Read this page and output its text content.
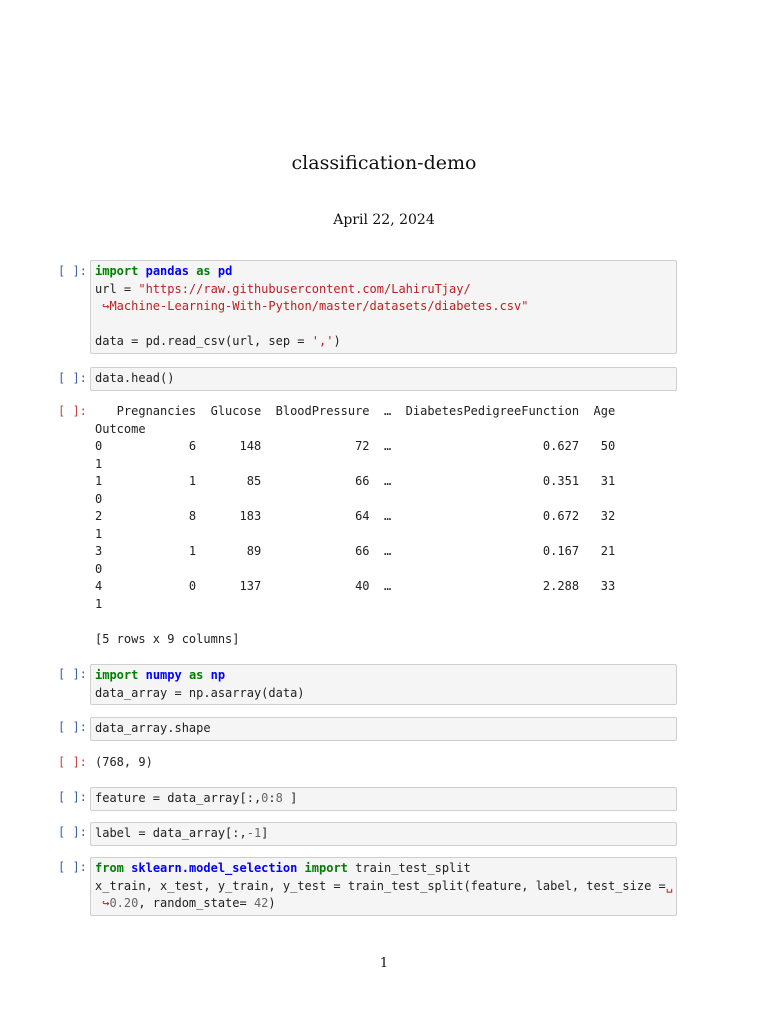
classification-demo
April 22, 2024
[ ]: import pandas as pd
url = "https://raw.githubusercontent.com/LahiruTjay/
↪Machine-Learning-With-Python/master/datasets/diabetes.csv"
data = pd.read_csv(url, sep = ',')
[ ]: data.head()
[ ]: Pregnancies  Glucose  BloodPressure  …  DiabetesPedigreeFunction  Age
Outcome
0            6      148             72  …                     0.627   50
1
1            1       85             66  …                     0.351   31
0
2            8      183             64  …                     0.672   32
1
3            1       89             66  …                     0.167   21
0
4            0      137             40  …                     2.288   33
1
[5 rows x 9 columns]
[ ]: import numpy as np
data_array = np.asarray(data)
[ ]: data_array.shape
[ ]: (768, 9)
[ ]: feature = data_array[:,0:8 ]
[ ]: label = data_array[:,-1]
[ ]: from sklearn.model_selection import train_test_split
x_train, x_test, y_train, y_test = train_test_split(feature, label, test_size =␣
↪0.20, random_state= 42)
1
